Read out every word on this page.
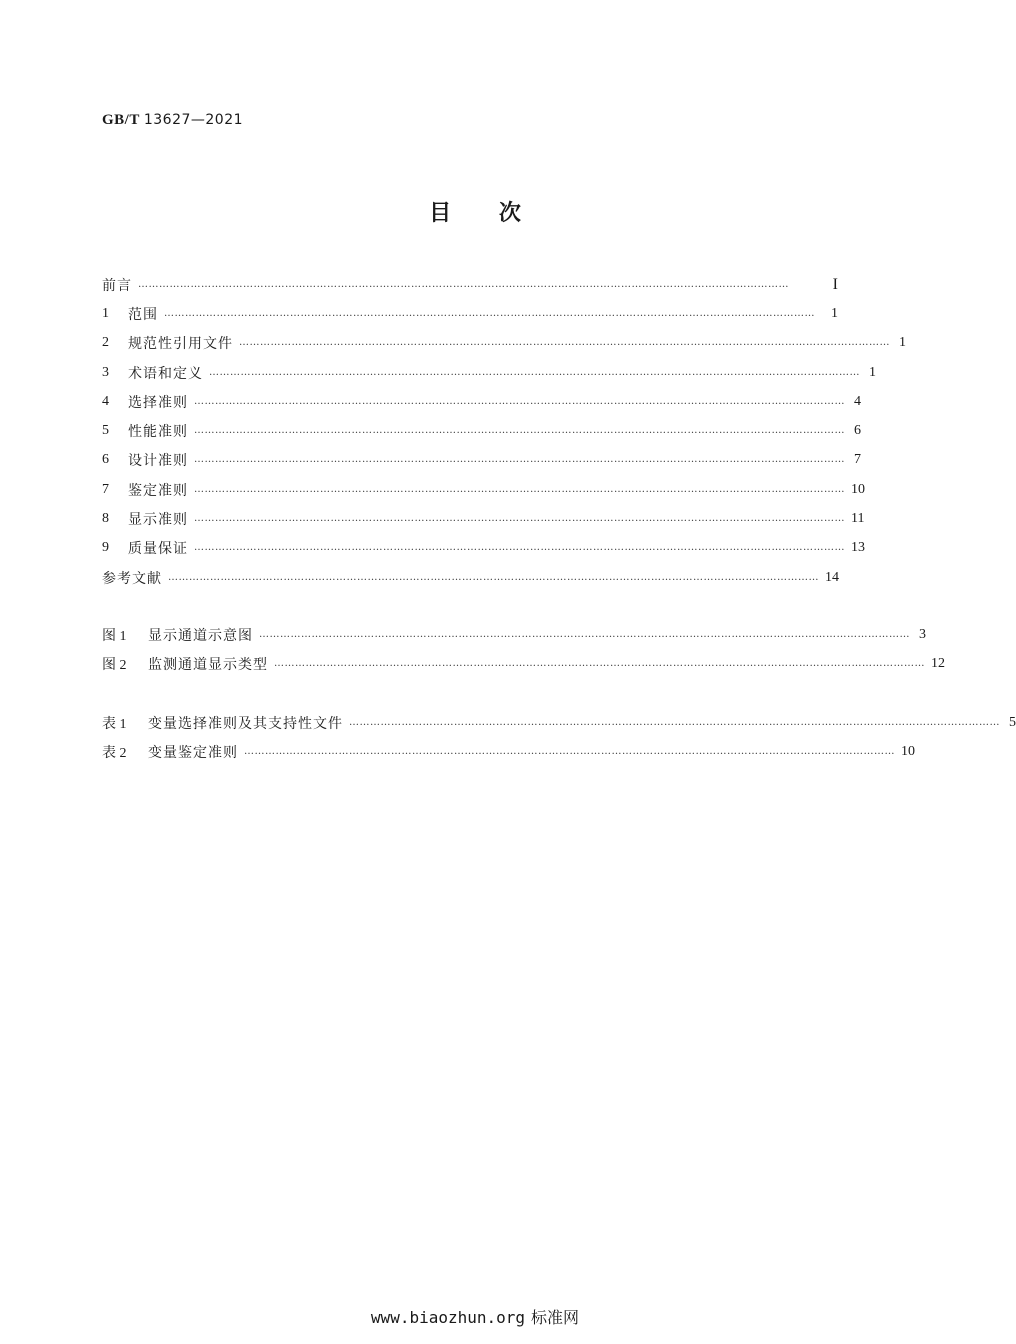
GB/T 13627—2021
目 次
前言 ……………………………………………………………………………………………………………………………………………………………………	I
1	范围 ……………………………………………………………………………………………………………………………………………………………………	1
2	规范性引用文件 …………………………………………………………………………………………………………………………………………………………………… 1
3	术语和定义 …………………………………………………………………………………………………………………………………………………………………… 1
4	选择准则 …………………………………………………………………………………………………………………………………………………………………… 4
5	性能准则 …………………………………………………………………………………………………………………………………………………………………… 6
6	设计准则 …………………………………………………………………………………………………………………………………………………………………… 7
7	鉴定准则 …………………………………………………………………………………………………………………………………………………………………… 10
8	显示准则 …………………………………………………………………………………………………………………………………………………………………… 11
9	质量保证 …………………………………………………………………………………………………………………………………………………………………… 13
参考文献 …………………………………………………………………………………………………………………………………………………………………… 14
图 1	显示通道示意图 …………………………………………………………………………………………………………………………………………………………………… 3
图 2	监测通道显示类型 …………………………………………………………………………………………………………………………………………………………………… 12
表 1	变量选择准则及其支持性文件 …………………………………………………………………………………………………………………………………………………………………… 5
表 2	变量鉴定准则 …………………………………………………………………………………………………………………………………………………………………… 10
www.biaozhun.org 标准网
